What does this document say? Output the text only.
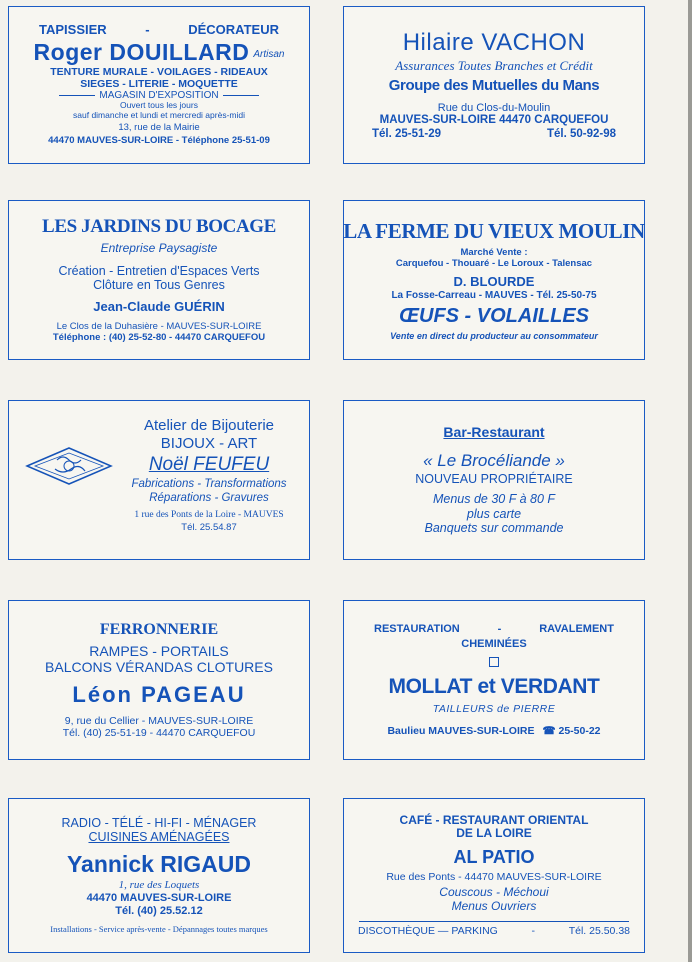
TAPISSIER	-	DÉCORATEUR
Roger DOUILLARD Artisan
TENTURE MURALE - VOILAGES - RIDEAUX
SIEGES - LITERIE - MOQUETTE
MAGASIN D'EXPOSITION
Ouvert tous les jours
sauf dimanche et lundi et mercredi après-midi
13, rue de la Mairie
44470 MAUVES-SUR-LOIRE - Téléphone 25-51-09
Hilaire VACHON
Assurances Toutes Branches et Crédit
Groupe des Mutuelles du Mans
Rue du Clos-du-Moulin
MAUVES-SUR-LOIRE 44470 CARQUEFOU
Tél. 25-51-29	Tél. 50-92-98
LES JARDINS DU BOCAGE
Entreprise Paysagiste
Création - Entretien d'Espaces Verts
Clôture en Tous Genres
Jean-Claude GUÉRIN
Le Clos de la Duhasière - MAUVES-SUR-LOIRE
Téléphone : (40) 25-52-80 - 44470 CARQUEFOU
LA FERME DU VIEUX MOULIN
Marché Vente :
Carquefou - Thouaré - Le Loroux - Talensac
D. BLOURDE
La Fosse-Carreau - MAUVES - Tél. 25-50-75
ŒUFS - VOLAILLES
Vente en direct du producteur au consommateur
Atelier de Bijouterie
BIJOUX - ART
Noël FEUFEU
Fabrications - Transformations
Réparations - Gravures
1 rue des Ponts de la Loire - MAUVES
Tél. 25.54.87
Bar-Restaurant
« Le Brocéliande »
NOUVEAU PROPRIÉTAIRE
Menus de 30 F à 80 F
plus carte
Banquets sur commande
FERRONNERIE
RAMPES - PORTAILS
BALCONS VÉRANDAS CLOTURES
Léon PAGEAU
9, rue du Cellier - MAUVES-SUR-LOIRE
Tél. (40) 25-51-19 - 44470 CARQUEFOU
RESTAURATION	-	RAVALEMENT
CHEMINÉES
MOLLAT et VERDANT
TAILLEURS de PIERRE
Baulieu MAUVES-SUR-LOIRE ☎ 25-50-22
RADIO - TÉLÉ - HI-FI - MÉNAGER
CUISINES AMÉNAGÉES
Yannick RIGAUD
1, rue des Loquets
44470 MAUVES-SUR-LOIRE
Tél. (40) 25.52.12
Installations - Service après-vente - Dépannages toutes marques
CAFÉ - RESTAURANT ORIENTAL
DE LA LOIRE
AL PATIO
Rue des Ponts - 44470 MAUVES-SUR-LOIRE
Couscous - Méchoui
Menus Ouvriers
DISCOTHÈQUE — PARKING	-	Tél. 25.50.38
